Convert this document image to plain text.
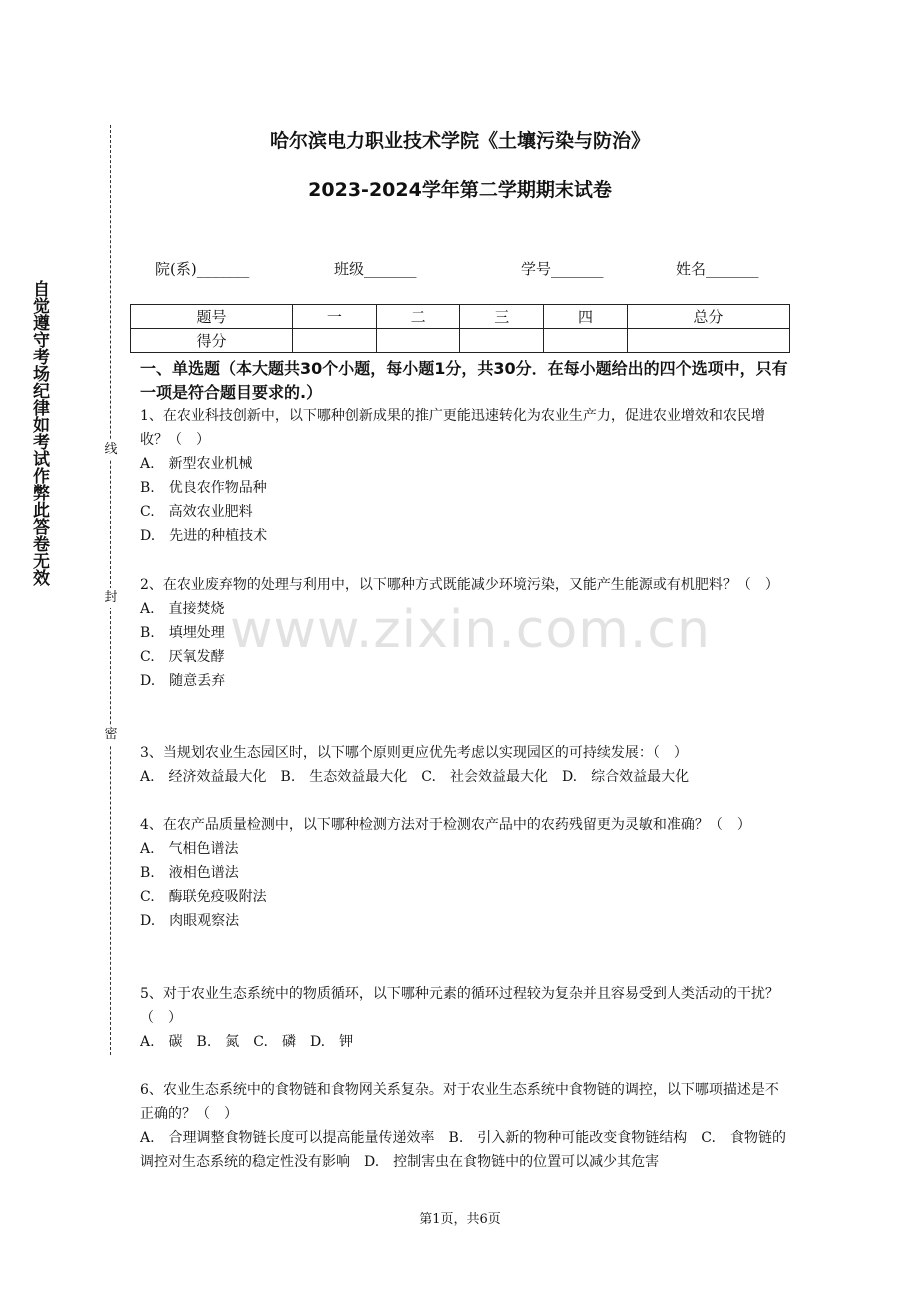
自觉遵守考场纪律如考试作弊此答卷无效	线
封
密
哈尔滨电力职业技术学院《土壤污染与防治》
2023-2024学年第二学期期末试卷
院(系)_______	班级_______	学号_______	姓名_______
题号	一	二	三	四	总分
得分					
一、单选题（本大题共30个小题，每小题1分，共30分．在每小题给出的四个选项中，只有一项是符合题目要求的.）

1、在农业科技创新中，以下哪种创新成果的推广更能迅速转化为农业生产力，促进农业增效和农民增收？（　）

A.　新型农业机械

B.　优良农作物品种

C.　高效农业肥料

D.　先进的种植技术

2、在农业废弃物的处理与利用中，以下哪种方式既能减少环境污染，又能产生能源或有机肥料？（　）

A.　直接焚烧

B.　填埋处理

C.　厌氧发酵

D.　随意丢弃

3、当规划农业生态园区时，以下哪个原则更应优先考虑以实现园区的可持续发展：（　）

A.　经济效益最大化　B.　生态效益最大化　C.　社会效益最大化　D.　综合效益最大化

4、在农产品质量检测中，以下哪种检测方法对于检测农产品中的农药残留更为灵敏和准确？（　）

A.　气相色谱法

B.　液相色谱法

C.　酶联免疫吸附法

D.　肉眼观察法

5、对于农业生态系统中的物质循环，以下哪种元素的循环过程较为复杂并且容易受到人类活动的干扰？（　）

A.　碳　B.　氮　C.　磷　D.　钾

6、农业生态系统中的食物链和食物网关系复杂。对于农业生态系统中食物链的调控，以下哪项描述是不正确的？（　）

A.　合理调整食物链长度可以提高能量传递效率　B.　引入新的物种可能改变食物链结构　C.　食物链的调控对生态系统的稳定性没有影响　D.　控制害虫在食物链中的位置可以减少其危害

www.zixin.com.cn
第1页，共6页
